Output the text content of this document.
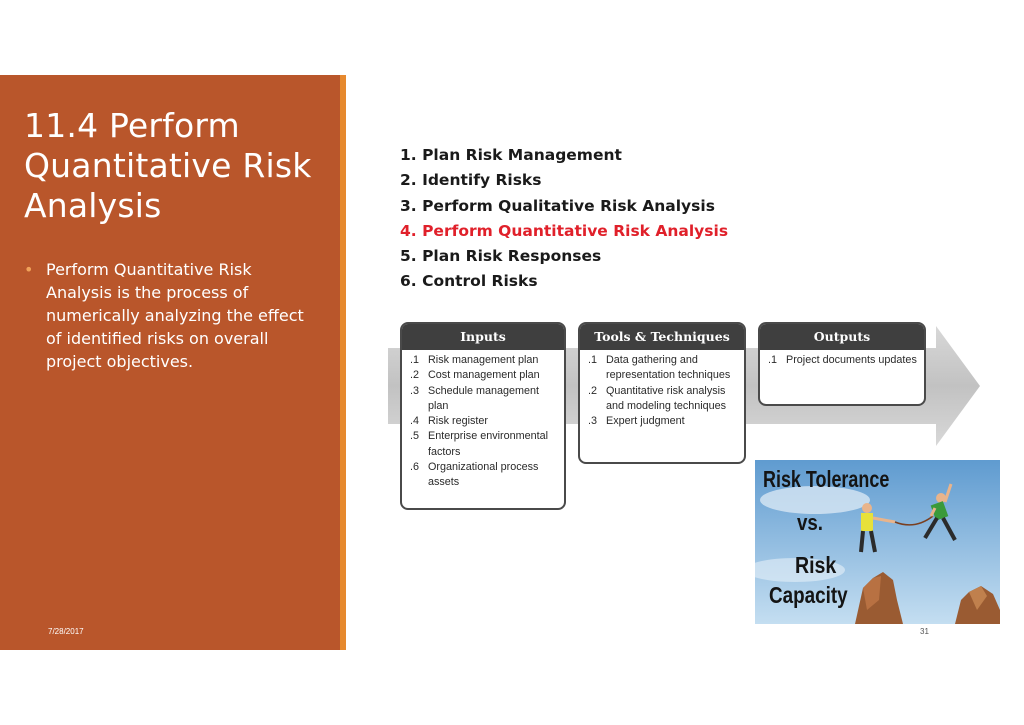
11.4 Perform Quantitative Risk Analysis
• Perform Quantitative Risk Analysis is the process of numerically analyzing the effect of identified risks on overall project objectives.
7/28/2017
1. Plan Risk Management
2. Identify Risks
3. Perform Qualitative Risk Analysis
4. Perform Quantitative Risk Analysis
5. Plan Risk Responses
6. Control Risks
Inputs
.1 Risk management plan
.2 Cost management plan
.3 Schedule management plan
.4 Risk register
.5 Enterprise environmental factors
.6 Organizational process assets
Tools & Techniques
.1 Data gathering and representation techniques
.2 Quantitative risk analysis and modeling techniques
.3 Expert judgment
Outputs
.1 Project documents updates
Risk Tolerance
vs.
Risk
Capacity
31
